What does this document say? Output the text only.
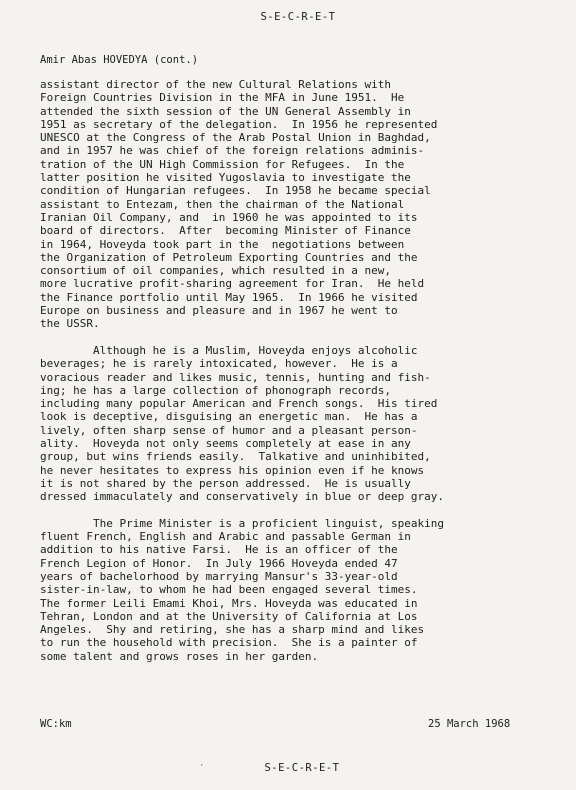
S-E-C-R-E-T
Amir Abas HOVEDYA (cont.)
assistant director of the new Cultural Relations with
Foreign Countries Division in the MFA in June 1951.  He
attended the sixth session of the UN General Assembly in
1951 as secretary of the delegation.  In 1956 he represented
UNESCO at the Congress of the Arab Postal Union in Baghdad,
and in 1957 he was chief of the foreign relations adminis-
tration of the UN High Commission for Refugees.  In the
latter position he visited Yugoslavia to investigate the
condition of Hungarian refugees.  In 1958 he became special
assistant to Entezam, then the chairman of the National
Iranian Oil Company, and  in 1960 he was appointed to its
board of directors.  After  becoming Minister of Finance
in 1964, Hoveyda took part in the  negotiations between
the Organization of Petroleum Exporting Countries and the
consortium of oil companies, which resulted in a new,
more lucrative profit-sharing agreement for Iran.  He held
the Finance portfolio until May 1965.  In 1966 he visited
Europe on business and pleasure and in 1967 he went to
the USSR.
Although he is a Muslim, Hoveyda enjoys alcoholic
beverages; he is rarely intoxicated, however.  He is a
voracious reader and likes music, tennis, hunting and fish-
ing; he has a large collection of phonograph records,
including many popular American and French songs.  His tired
look is deceptive, disguising an energetic man.  He has a
lively, often sharp sense of humor and a pleasant person-
ality.  Hoveyda not only seems completely at ease in any
group, but wins friends easily.  Talkative and uninhibited,
he never hesitates to express his opinion even if he knows
it is not shared by the person addressed.  He is usually
dressed immaculately and conservatively in blue or deep gray.
The Prime Minister is a proficient linguist, speaking
fluent French, English and Arabic and passable German in
addition to his native Farsi.  He is an officer of the
French Legion of Honor.  In July 1966 Hoveyda ended 47
years of bachelorhood by marrying Mansur's 33-year-old
sister-in-law, to whom he had been engaged several times.
The former Leili Emami Khoi, Mrs. Hoveyda was educated in
Tehran, London and at the University of California at Los
Angeles.  Shy and retiring, she has a sharp mind and likes
to run the household with precision.  She is a painter of
some talent and grows roses in her garden.
WC:km	25 March 1968
ˑ	S-E-C-R-E-T
